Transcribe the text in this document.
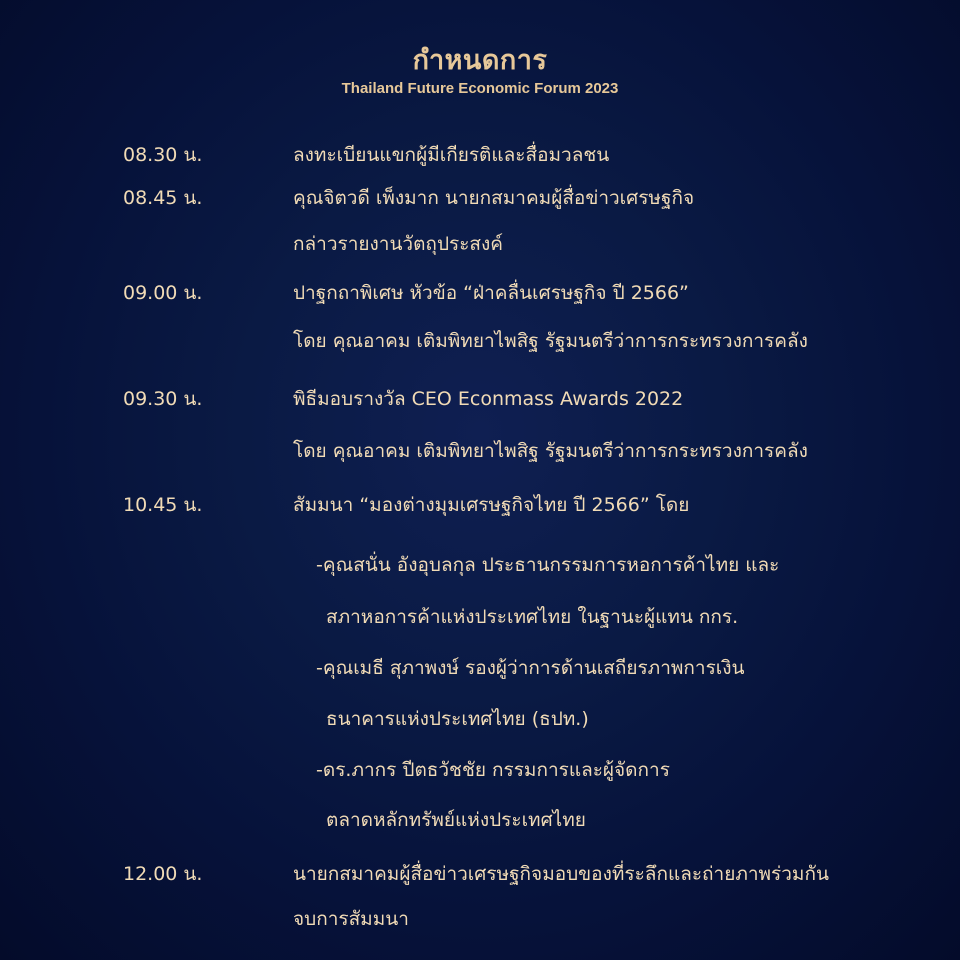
กำหนดการ
Thailand Future Economic Forum 2023
08.30 น.	ลงทะเบียนแขกผู้มีเกียรติและสื่อมวลชน
08.45 น.	คุณจิตวดี เพ็งมาก นายกสมาคมผู้สื่อข่าวเศรษฐกิจ
กล่าวรายงานวัตถุประสงค์
09.00 น.	ปาฐกถาพิเศษ หัวข้อ “ฝ่าคลื่นเศรษฐกิจ ปี 2566”
โดย คุณอาคม เติมพิทยาไพสิฐ รัฐมนตรีว่าการกระทรวงการคลัง
09.30 น.	พิธีมอบรางวัล CEO Econmass Awards 2022
โดย คุณอาคม เติมพิทยาไพสิฐ รัฐมนตรีว่าการกระทรวงการคลัง
10.45 น.	สัมมนา “มองต่างมุมเศรษฐกิจไทย ปี 2566” โดย
-คุณสนั่น อังอุบลกุล ประธานกรรมการหอการค้าไทย และ
สภาหอการค้าแห่งประเทศไทย ในฐานะผู้แทน กกร.
-คุณเมธี สุภาพงษ์ รองผู้ว่าการด้านเสถียรภาพการเงิน
ธนาคารแห่งประเทศไทย (ธปท.)
-ดร.ภากร ปีตธวัชชัย กรรมการและผู้จัดการ
ตลาดหลักทรัพย์แห่งประเทศไทย
12.00 น.	นายกสมาคมผู้สื่อข่าวเศรษฐกิจมอบของที่ระลึกและถ่ายภาพร่วมกัน
จบการสัมมนา
